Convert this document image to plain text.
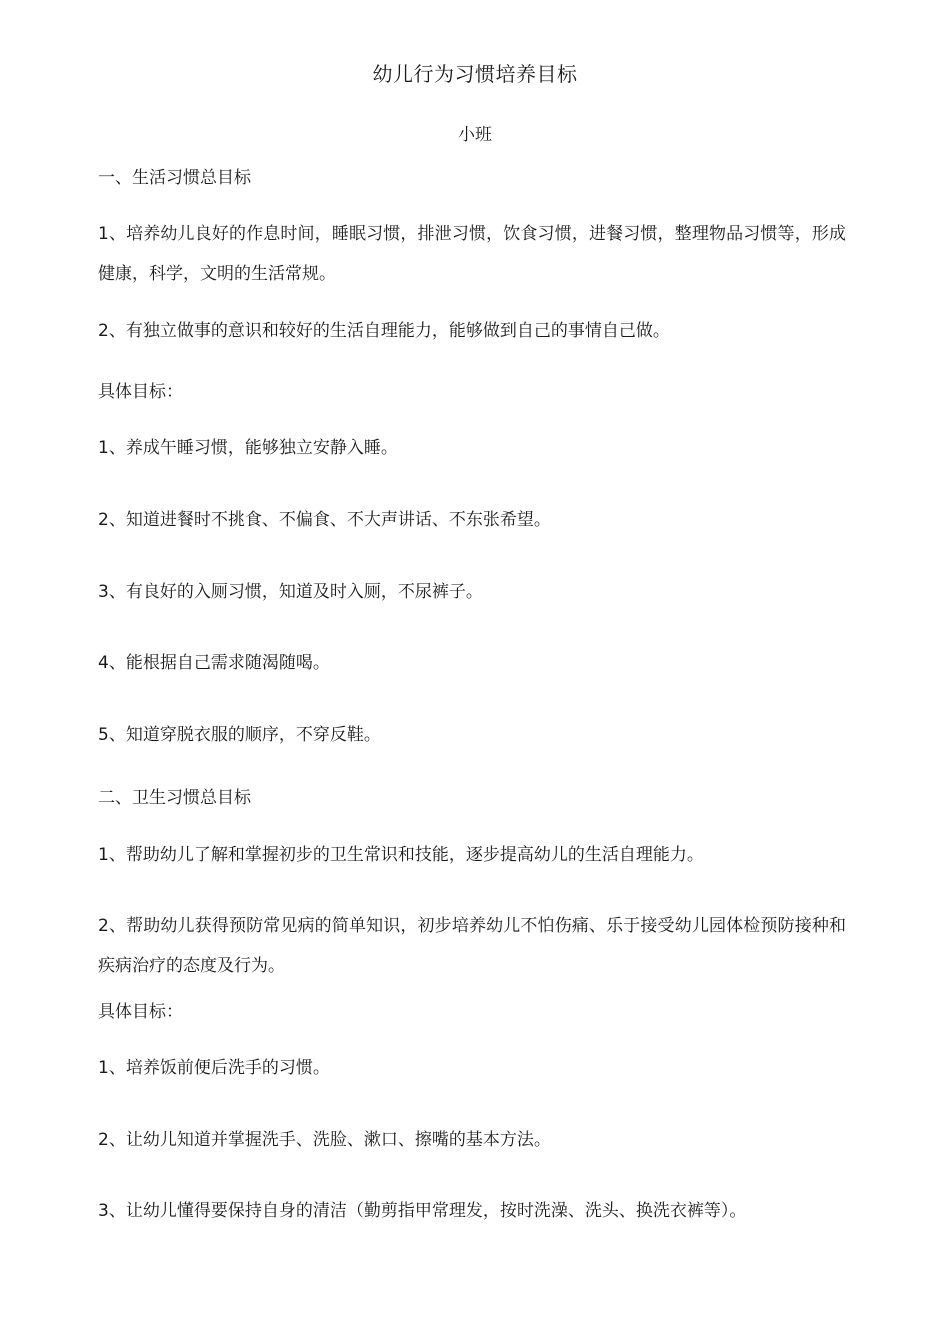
幼儿行为习惯培养目标
小班
一、生活习惯总目标
1、培养幼儿良好的作息时间，睡眠习惯，排泄习惯，饮食习惯，进餐习惯，整理物品习惯等，形成健康，科学，文明的生活常规。
2、有独立做事的意识和较好的生活自理能力，能够做到自己的事情自己做。
具体目标：
1、养成午睡习惯，能够独立安静入睡。
2、知道进餐时不挑食、不偏食、不大声讲话、不东张希望。
3、有良好的入厕习惯，知道及时入厕，不尿裤子。
4、能根据自己需求随渴随喝。
5、知道穿脱衣服的顺序，不穿反鞋。
二、卫生习惯总目标
1、帮助幼儿了解和掌握初步的卫生常识和技能，逐步提高幼儿的生活自理能力。
2、帮助幼儿获得预防常见病的简单知识，初步培养幼儿不怕伤痛、乐于接受幼儿园体检预防接种和疾病治疗的态度及行为。
具体目标：
1、培养饭前便后洗手的习惯。
2、让幼儿知道并掌握洗手、洗脸、漱口、擦嘴的基本方法。
3、让幼儿懂得要保持自身的清洁（勤剪指甲常理发，按时洗澡、洗头、换洗衣裤等）。
